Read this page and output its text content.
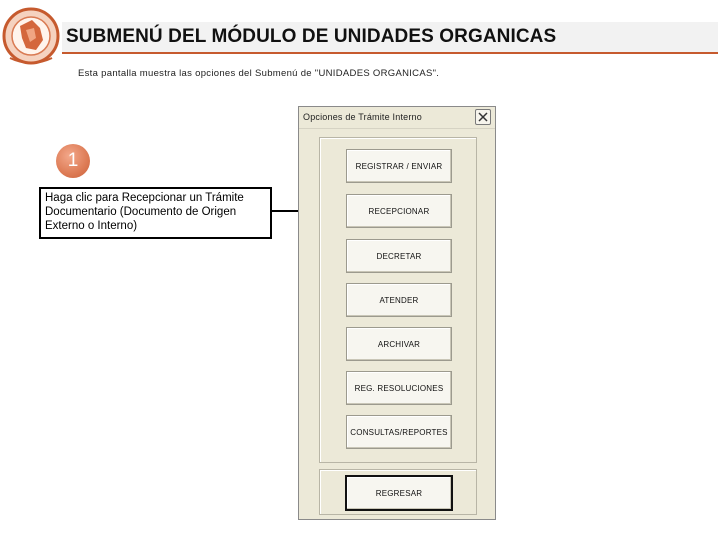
SUBMENÚ DEL MÓDULO DE UNIDADES ORGANICAS
Esta pantalla muestra las opciones del Submenú de "UNIDADES ORGANICAS".
1
Haga clic para Recepcionar un Trámite Documentario (Documento de Origen Externo o Interno)
Opciones de Trámite Interno
REGISTRAR / ENVIAR
RECEPCIONAR
DECRETAR
ATENDER
ARCHIVAR
REG. RESOLUCIONES
CONSULTAS/REPORTES
REGRESAR
